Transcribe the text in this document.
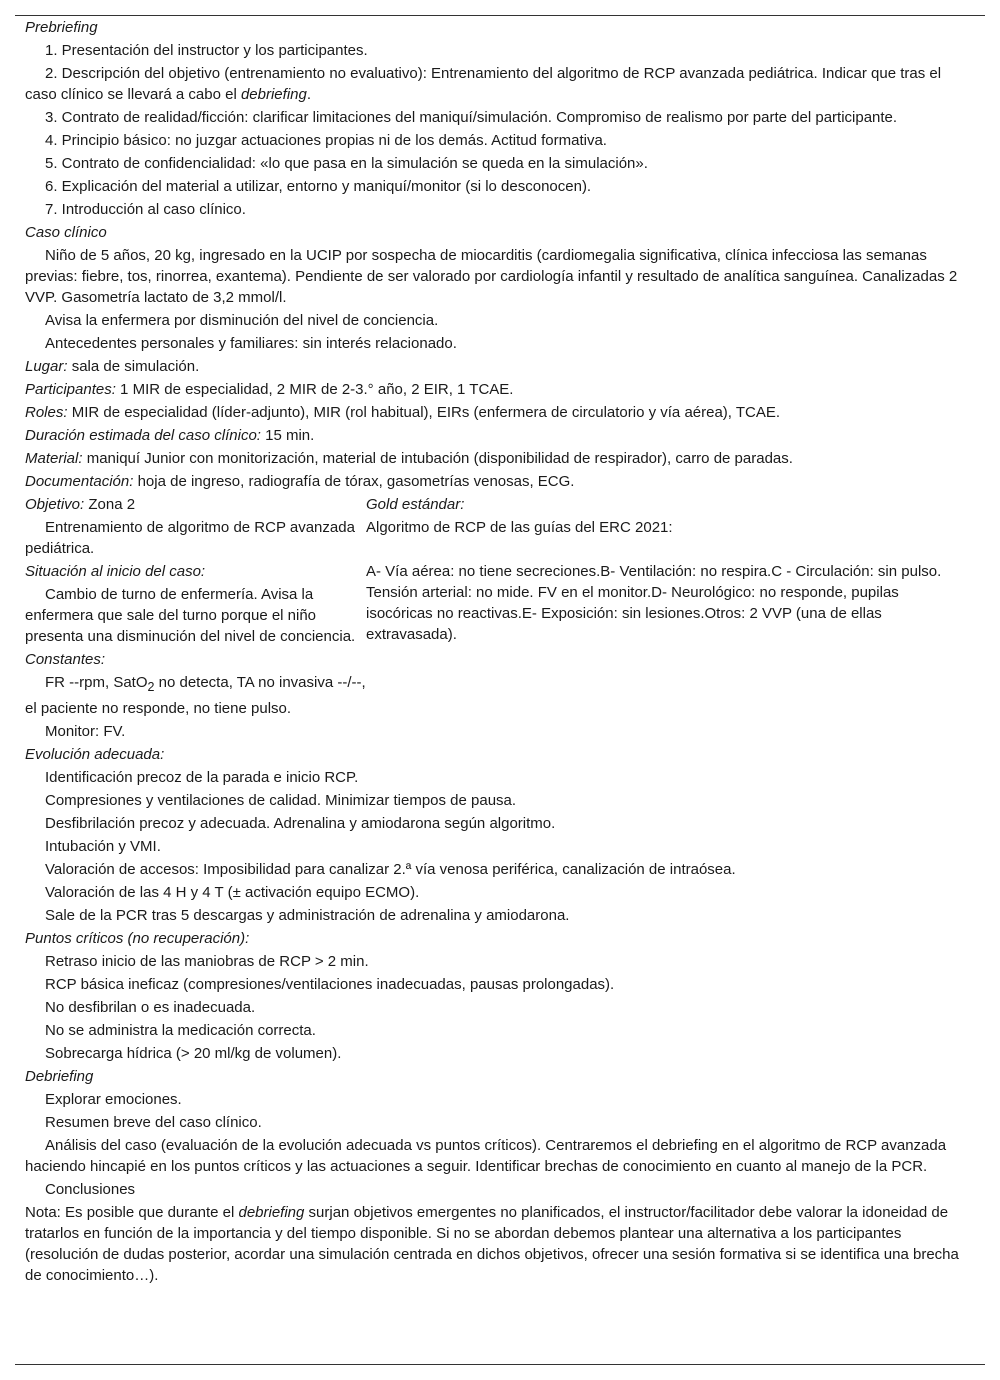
Prebriefing

1. Presentación del instructor y los participantes.

2. Descripción del objetivo (entrenamiento no evaluativo): Entrenamiento del algoritmo de RCP avanzada pediátrica. Indicar que tras el caso clínico se llevará a cabo el debriefing.

3. Contrato de realidad/ficción: clarificar limitaciones del maniquí/simulación. Compromiso de realismo por parte del participante.

4. Principio básico: no juzgar actuaciones propias ni de los demás. Actitud formativa.

5. Contrato de confidencialidad: «lo que pasa en la simulación se queda en la simulación».

6. Explicación del material a utilizar, entorno y maniquí/monitor (si lo desconocen).

7. Introducción al caso clínico.

Caso clínico

Niño de 5 años, 20 kg, ingresado en la UCIP por sospecha de miocarditis (cardiomegalia significativa, clínica infecciosa las semanas previas: fiebre, tos, rinorrea, exantema). Pendiente de ser valorado por cardiología infantil y resultado de analítica sanguínea. Canalizadas 2 VVP. Gasometría lactato de 3,2 mmol/l.

Avisa la enfermera por disminución del nivel de conciencia.

Antecedentes personales y familiares: sin interés relacionado.

Lugar: sala de simulación.

Participantes: 1 MIR de especialidad, 2 MIR de 2-3.° año, 2 EIR, 1 TCAE.

Roles: MIR de especialidad (líder-adjunto), MIR (rol habitual), EIRs (enfermera de circulatorio y vía aérea), TCAE.

Duración estimada del caso clínico: 15 min.

Material: maniquí Junior con monitorización, material de intubación (disponibilidad de respirador), carro de paradas.

Documentación: hoja de ingreso, radiografía de tórax, gasometrías venosas, ECG.

Objetivo: Zona 2

Entrenamiento de algoritmo de RCP avanzada pediátrica.

Situación al inicio del caso:

Cambio de turno de enfermería. Avisa la enfermera que sale del turno porque el niño presenta una disminución del nivel de conciencia.

Constantes:

FR --rpm, SatO$_2$ no detecta, TA no invasiva --/--, el paciente no responde, no tiene pulso.

Monitor: FV.

Gold estándar:

Algoritmo de RCP de las guías del ERC 2021:

A- Vía aérea: no tiene secreciones.B- Ventilación: no respira.C - Circulación: sin pulso. Tensión arterial: no mide. FV en el monitor.D- Neurológico: no responde, pupilas isocóricas no reactivas.E- Exposición: sin lesiones.Otros: 2 VVP (una de ellas extravasada).

Evolución adecuada:

Identificación precoz de la parada e inicio RCP.

Compresiones y ventilaciones de calidad. Minimizar tiempos de pausa.

Desfibrilación precoz y adecuada. Adrenalina y amiodarona según algoritmo.

Intubación y VMI.

Valoración de accesos: Imposibilidad para canalizar 2.ª vía venosa periférica, canalización de intraósea.

Valoración de las 4 H y 4 T (± activación equipo ECMO).

Sale de la PCR tras 5 descargas y administración de adrenalina y amiodarona.

Puntos críticos (no recuperación):

Retraso inicio de las maniobras de RCP > 2 min.

RCP básica ineficaz (compresiones/ventilaciones inadecuadas, pausas prolongadas).

No desfibrilan o es inadecuada.

No se administra la medicación correcta.

Sobrecarga hídrica (> 20 ml/kg de volumen).

Debriefing

Explorar emociones.

Resumen breve del caso clínico.

Análisis del caso (evaluación de la evolución adecuada vs puntos críticos). Centraremos el debriefing en el algoritmo de RCP avanzada haciendo hincapié en los puntos críticos y las actuaciones a seguir. Identificar brechas de conocimiento en cuanto al manejo de la PCR.

Conclusiones

Nota: Es posible que durante el debriefing surjan objetivos emergentes no planificados, el instructor/facilitador debe valorar la idoneidad de tratarlos en función de la importancia y del tiempo disponible. Si no se abordan debemos plantear una alternativa a los participantes (resolución de dudas posterior, acordar una simulación centrada en dichos objetivos, ofrecer una sesión formativa si se identifica una brecha de conocimiento…).
